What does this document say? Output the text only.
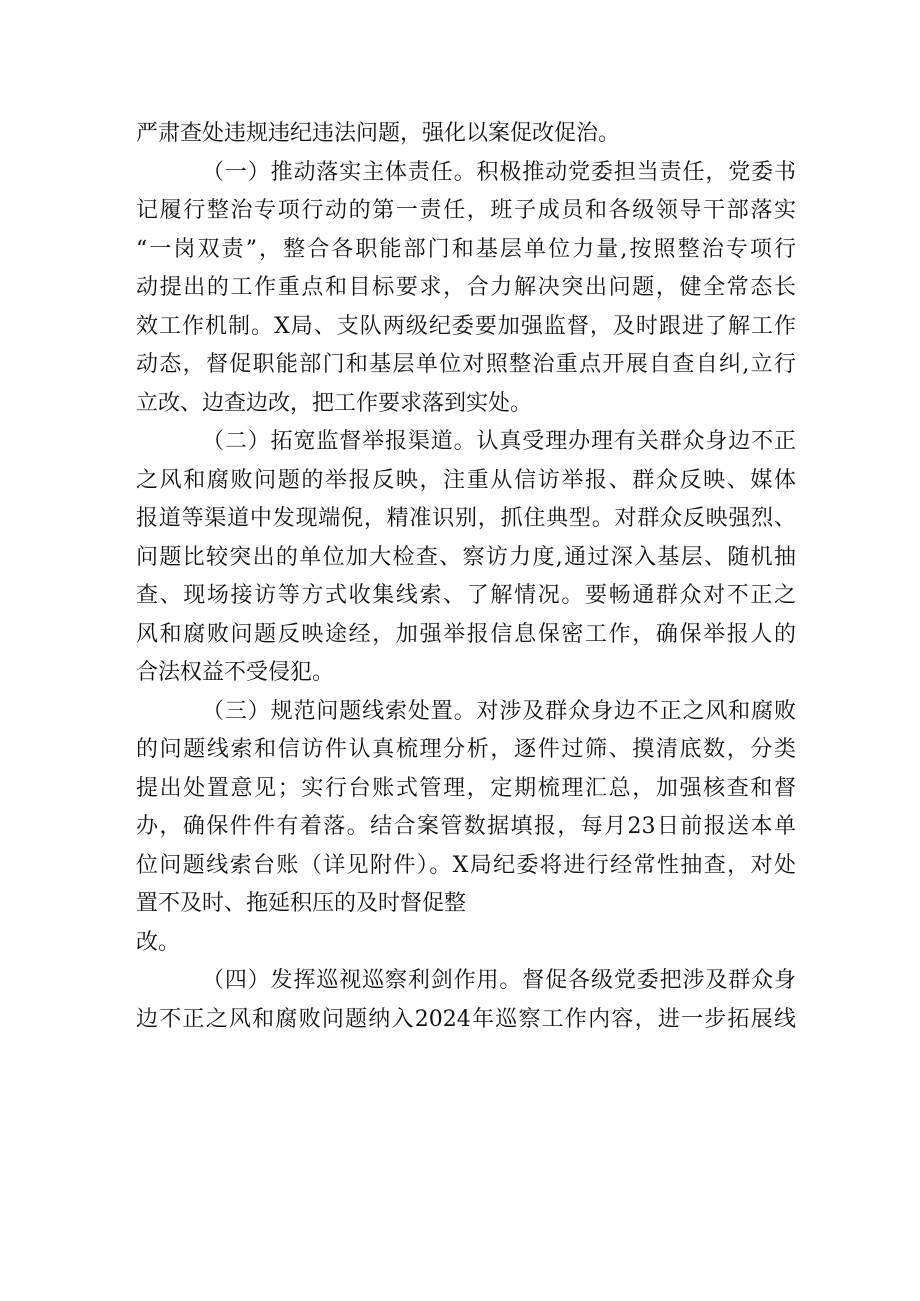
严肃查处违规违纪违法问题，强化以案促改促治。
（一）推动落实主体责任。积极推动党委担当责任，党委书
记履行整治专项行动的第一责任，班子成员和各级领导干部落实
“一岗双责”，整合各职能部门和基层单位力量,按照整治专项行
动提出的工作重点和目标要求，合力解决突出问题，健全常态长
效工作机制。X局、支队两级纪委要加强监督，及时跟进了解工作
动态，督促职能部门和基层单位对照整治重点开展自查自纠,立行
立改、边查边改，把工作要求落到实处。
（二）拓宽监督举报渠道。认真受理办理有关群众身边不正
之风和腐败问题的举报反映，注重从信访举报、群众反映、媒体
报道等渠道中发现端倪，精准识别，抓住典型。对群众反映强烈、
问题比较突出的单位加大检查、察访力度,通过深入基层、随机抽
查、现场接访等方式收集线索、了解情况。要畅通群众对不正之
风和腐败问题反映途经，加强举报信息保密工作，确保举报人的
合法权益不受侵犯。
（三）规范问题线索处置。对涉及群众身边不正之风和腐败
的问题线索和信访件认真梳理分析，逐件过筛、摸清底数，分类
提出处置意见；实行台账式管理，定期梳理汇总，加强核查和督
办，确保件件有着落。结合案管数据填报，每月23日前报送本单
位问题线索台账（详见附件）。X局纪委将进行经常性抽查，对处
置不及时、拖延积压的及时督促整
改。
（四）发挥巡视巡察利剑作用。督促各级党委把涉及群众身
边不正之风和腐败问题纳入2024年巡察工作内容，进一步拓展线
